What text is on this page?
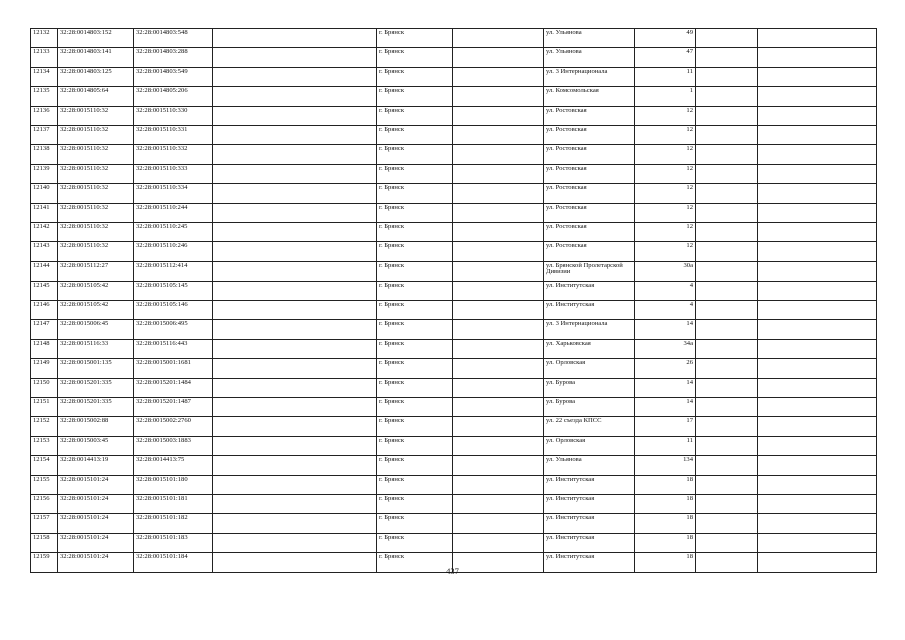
12132	32:28:0014803:152	32:28:0014803:548		г. Брянск		ул. Ульянова	49		
12133	32:28:0014803:141	32:28:0014803:288		г. Брянск		ул. Ульянова	47		
12134	32:28:0014803:125	32:28:0014803:549		г. Брянск		ул. 3 Интернационала	11		
12135	32:28:0014805:64	32:28:0014805:206		г. Брянск		ул. Комсомольская	1		
12136	32:28:0015110:32	32:28:0015110:330		г. Брянск		ул. Ростовская	12		
12137	32:28:0015110:32	32:28:0015110:331		г. Брянск		ул. Ростовская	12		
12138	32:28:0015110:32	32:28:0015110:332		г. Брянск		ул. Ростовская	12		
12139	32:28:0015110:32	32:28:0015110:333		г. Брянск		ул. Ростовская	12		
12140	32:28:0015110:32	32:28:0015110:334		г. Брянск		ул. Ростовская	12		
12141	32:28:0015110:32	32:28:0015110:244		г. Брянск		ул. Ростовская	12		
12142	32:28:0015110:32	32:28:0015110:245		г. Брянск		ул. Ростовская	12		
12143	32:28:0015110:32	32:28:0015110:246		г. Брянск		ул. Ростовская	12		
12144	32:28:0015112:27	32:28:0015112:414		г. Брянск		ул. Брянской Пролетарской Дивизии	30а		
12145	32:28:0015105:42	32:28:0015105:145		г. Брянск		ул. Институтская	4		
12146	32:28:0015105:42	32:28:0015105:146		г. Брянск		ул. Институтская	4		
12147	32:28:0015006:45	32:28:0015006:495		г. Брянск		ул. 3 Интернационала	14		
12148	32:28:0015116:33	32:28:0015116:443		г. Брянск		ул. Харьковская	34а		
12149	32:28:0015001:135	32:28:0015001:1681		г. Брянск		ул. Орловская	26		
12150	32:28:0015201:335	32:28:0015201:1484		г. Брянск		ул. Бурова	14		
12151	32:28:0015201:335	32:28:0015201:1487		г. Брянск		ул. Бурова	14		
12152	32:28:0015002:88	32:28:0015002:2760		г. Брянск		ул. 22 съезда КПСС	17		
12153	32:28:0015003:45	32:28:0015003:1883		г. Брянск		ул. Орловская	11		
12154	32:28:0014413:19	32:28:0014413:75		г. Брянск		ул. Ульянова	134		
12155	32:28:0015101:24	32:28:0015101:180		г. Брянск		ул. Институтская	18		
12156	32:28:0015101:24	32:28:0015101:181		г. Брянск		ул. Институтская	18		
12157	32:28:0015101:24	32:28:0015101:182		г. Брянск		ул. Институтская	18		
12158	32:28:0015101:24	32:28:0015101:183		г. Брянск		ул. Институтская	18		
12159	32:28:0015101:24	32:28:0015101:184		г. Брянск		ул. Институтская	18		
437
